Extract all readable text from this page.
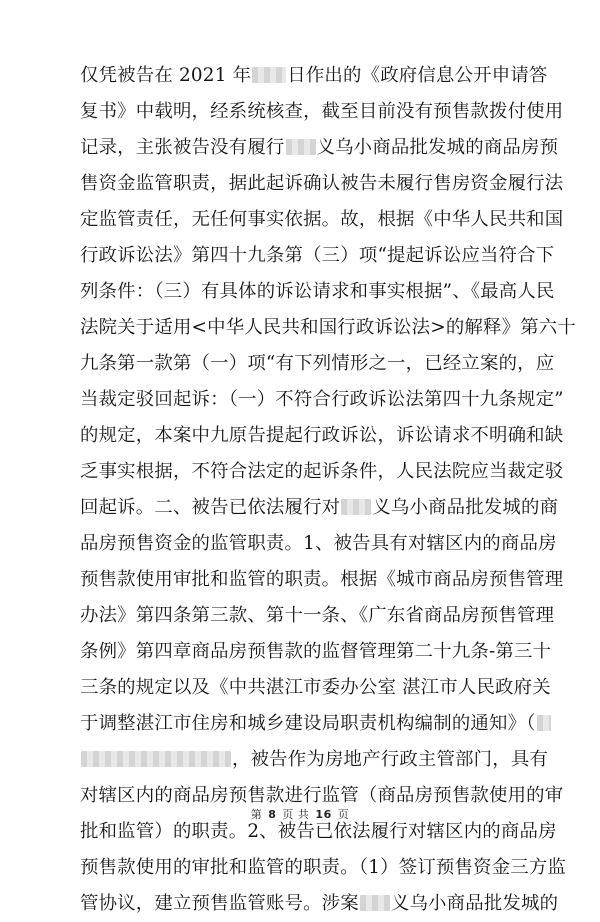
仅凭被告在 2021 年 日作出的《政府信息公开申请答
复书》中载明，经系统核查，截至目前没有预售款拨付使用
记录，主张被告没有履行 义乌小商品批发城的商品房预
售资金监管职责，据此起诉确认被告未履行售房资金履行法
定监管责任，无任何事实依据。故，根据《中华人民共和国
行政诉讼法》第四十九条第（三）项“提起诉讼应当符合下
列条件：（三）有具体的诉讼请求和事实根据”、《最高人民
法院关于适用<中华人民共和国行政诉讼法>的解释》第六十
九条第一款第（一）项“有下列情形之一，已经立案的，应
当裁定驳回起诉：（一）不符合行政诉讼法第四十九条规定”
的规定，本案中九原告提起行政诉讼，诉讼请求不明确和缺
乏事实根据，不符合法定的起诉条件，人民法院应当裁定驳
回起诉。二、被告已依法履行对 义乌小商品批发城的商
品房预售资金的监管职责。1、被告具有对辖区内的商品房
预售款使用审批和监管的职责。根据《城市商品房预售管理
办法》第四条第三款、第十一条、《广东省商品房预售管理
条例》第四章商品房预售款的监督管理第二十九条-第三十
三条的规定以及《中共湛江市委办公室 湛江市人民政府关
于调整湛江市住房和城乡建设局职责机构编制的通知》（
，被告作为房地产行政主管部门，具有
对辖区内的商品房预售款进行监管（商品房预售款使用的审
批和监管）的职责。2、被告已依法履行对辖区内的商品房
预售款使用的审批和监管的职责。（1）签订预售资金三方监
管协议，建立预售监管账号。涉案 义乌小商品批发城的
第 8 页 共 16 页
